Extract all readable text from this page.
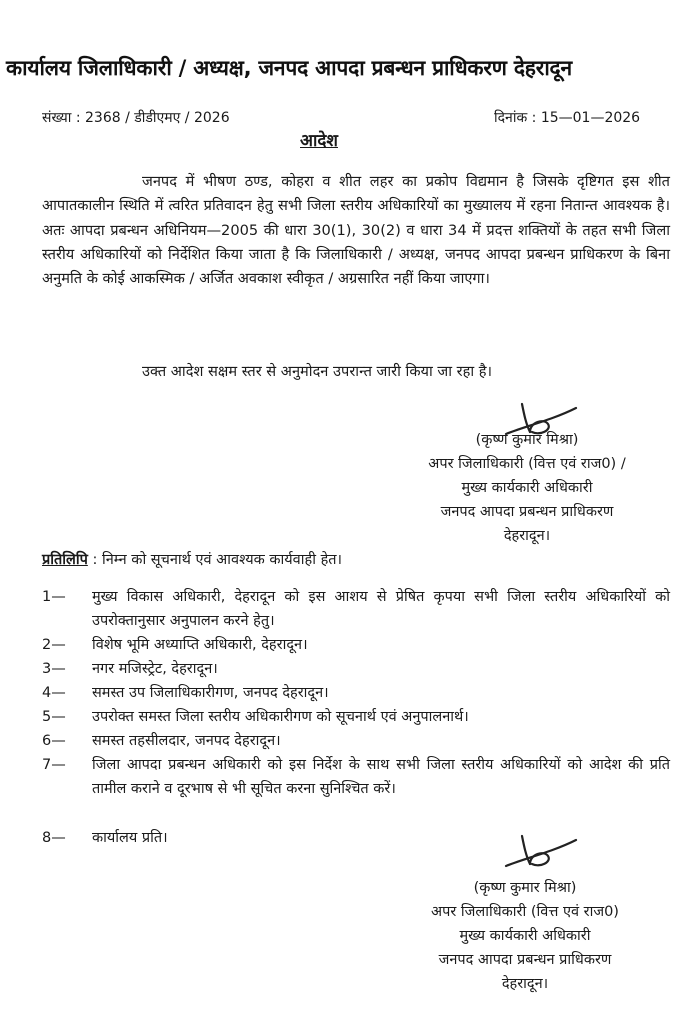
कार्यालय जिलाधिकारी / अध्यक्ष, जनपद आपदा प्रबन्धन प्राधिकरण देहरादून
संख्या : 2368 / डीडीएमए / 2026	दिनांक : 15—01—2026
आदेश
जनपद में भीषण ठण्ड, कोहरा व शीत लहर का प्रकोप विद्यमान है जिसके दृष्टिगत इस शीत आपातकालीन स्थिति में त्वरित प्रतिवादन हेतु सभी जिला स्तरीय अधिकारियों का मुख्यालय में रहना नितान्त आवश्यक है। अतः आपदा प्रबन्धन अधिनियम—2005 की धारा 30(1), 30(2) व धारा 34 में प्रदत्त शक्तियों के तहत सभी जिला स्तरीय अधिकारियों को निर्देशित किया जाता है कि जिलाधिकारी / अध्यक्ष, जनपद आपदा प्रबन्धन प्राधिकरण के बिना अनुमति के कोई आकस्मिक / अर्जित अवकाश स्वीकृत / अग्रसारित नहीं किया जाएगा।
उक्त आदेश सक्षम स्तर से अनुमोदन उपरान्त जारी किया जा रहा है।
(कृष्ण कुमार मिश्रा)
अपर जिलाधिकारी (वित्त एवं राज0) /
मुख्य कार्यकारी अधिकारी
जनपद आपदा प्रबन्धन प्राधिकरण
देहरादून।
प्रतिलिपि : निम्न को सूचनार्थ एवं आवश्यक कार्यवाही हेत।
1—	मुख्य विकास अधिकारी, देहरादून को इस आशय से प्रेषित कृपया सभी जिला स्तरीय अधिकारियों को उपरोक्तानुसार अनुपालन करने हेतु।
2—	विशेष भूमि अध्याप्ति अधिकारी, देहरादून।
3—	नगर मजिस्ट्रेट, देहरादून।
4—	समस्त उप जिलाधिकारीगण, जनपद देहरादून।
5—	उपरोक्त समस्त जिला स्तरीय अधिकारीगण को सूचनार्थ एवं अनुपालनार्थ।
6—	समस्त तहसीलदार, जनपद देहरादून।
7—	जिला आपदा प्रबन्धन अधिकारी को इस निर्देश के साथ सभी जिला स्तरीय अधिकारियों को आदेश की प्रति तामील कराने व दूरभाष से भी सूचित करना सुनिश्चित करें।
8—	कार्यालय प्रति।
(कृष्ण कुमार मिश्रा)
अपर जिलाधिकारी (वित्त एवं राज0)
मुख्य कार्यकारी अधिकारी
जनपद आपदा प्रबन्धन प्राधिकरण
देहरादून।
